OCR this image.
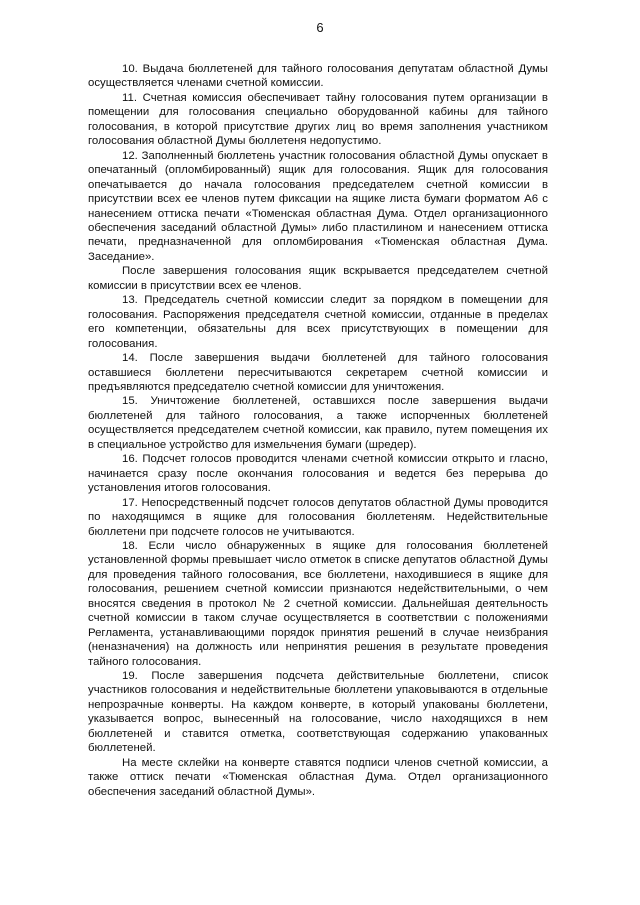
6

10. Выдача бюллетеней для тайного голосования депутатам областной Думы осуществляется членами счетной комиссии.

11. Счетная комиссия обеспечивает тайну голосования путем организации в помещении для голосования специально оборудованной кабины для тайного голосования, в которой присутствие других лиц во время заполнения участником голосования областной Думы бюллетеня недопустимо.

12. Заполненный бюллетень участник голосования областной Думы опускает в опечатанный (опломбированный) ящик для голосования. Ящик для голосования опечатывается до начала голосования председателем счетной комиссии в присутствии всех ее членов путем фиксации на ящике листа бумаги форматом А6 с нанесением оттиска печати «Тюменская областная Дума. Отдел организационного обеспечения заседаний областной Думы» либо пластилином и нанесением оттиска печати, предназначенной для опломбирования «Тюменская областная Дума. Заседание».

После завершения голосования ящик вскрывается председателем счетной комиссии в присутствии всех ее членов.

13. Председатель счетной комиссии следит за порядком в помещении для голосования. Распоряжения председателя счетной комиссии, отданные в пределах его компетенции, обязательны для всех присутствующих в помещении для голосования.

14. После завершения выдачи бюллетеней для тайного голосования оставшиеся бюллетени пересчитываются секретарем счетной комиссии и предъявляются председателю счетной комиссии для уничтожения.

15. Уничтожение бюллетеней, оставшихся после завершения выдачи бюллетеней для тайного голосования, а также испорченных бюллетеней осуществляется председателем счетной комиссии, как правило, путем помещения их в специальное устройство для измельчения бумаги (шредер).

16. Подсчет голосов проводится членами счетной комиссии открыто и гласно, начинается сразу после окончания голосования и ведется без перерыва до установления итогов голосования.

17. Непосредственный подсчет голосов депутатов областной Думы проводится по находящимся в ящике для голосования бюллетеням. Недействительные бюллетени при подсчете голосов не учитываются.

18. Если число обнаруженных в ящике для голосования бюллетеней установленной формы превышает число отметок в списке депутатов областной Думы для проведения тайного голосования, все бюллетени, находившиеся в ящике для голосования, решением счетной комиссии признаются недействительными, о чем вносятся сведения в протокол № 2 счетной комиссии. Дальнейшая деятельность счетной комиссии в таком случае осуществляется в соответствии с положениями Регламента, устанавливающими порядок принятия решений в случае неизбрания (неназначения) на должность или непринятия решения в результате проведения тайного голосования.

19. После завершения подсчета действительные бюллетени, список участников голосования и недействительные бюллетени упаковываются в отдельные непрозрачные конверты. На каждом конверте, в который упакованы бюллетени, указывается вопрос, вынесенный на голосование, число находящихся в нем бюллетеней и ставится отметка, соответствующая содержанию упакованных бюллетеней.

На месте склейки на конверте ставятся подписи членов счетной комиссии, а также оттиск печати «Тюменская областная Дума. Отдел организационного обеспечения заседаний областной Думы».
